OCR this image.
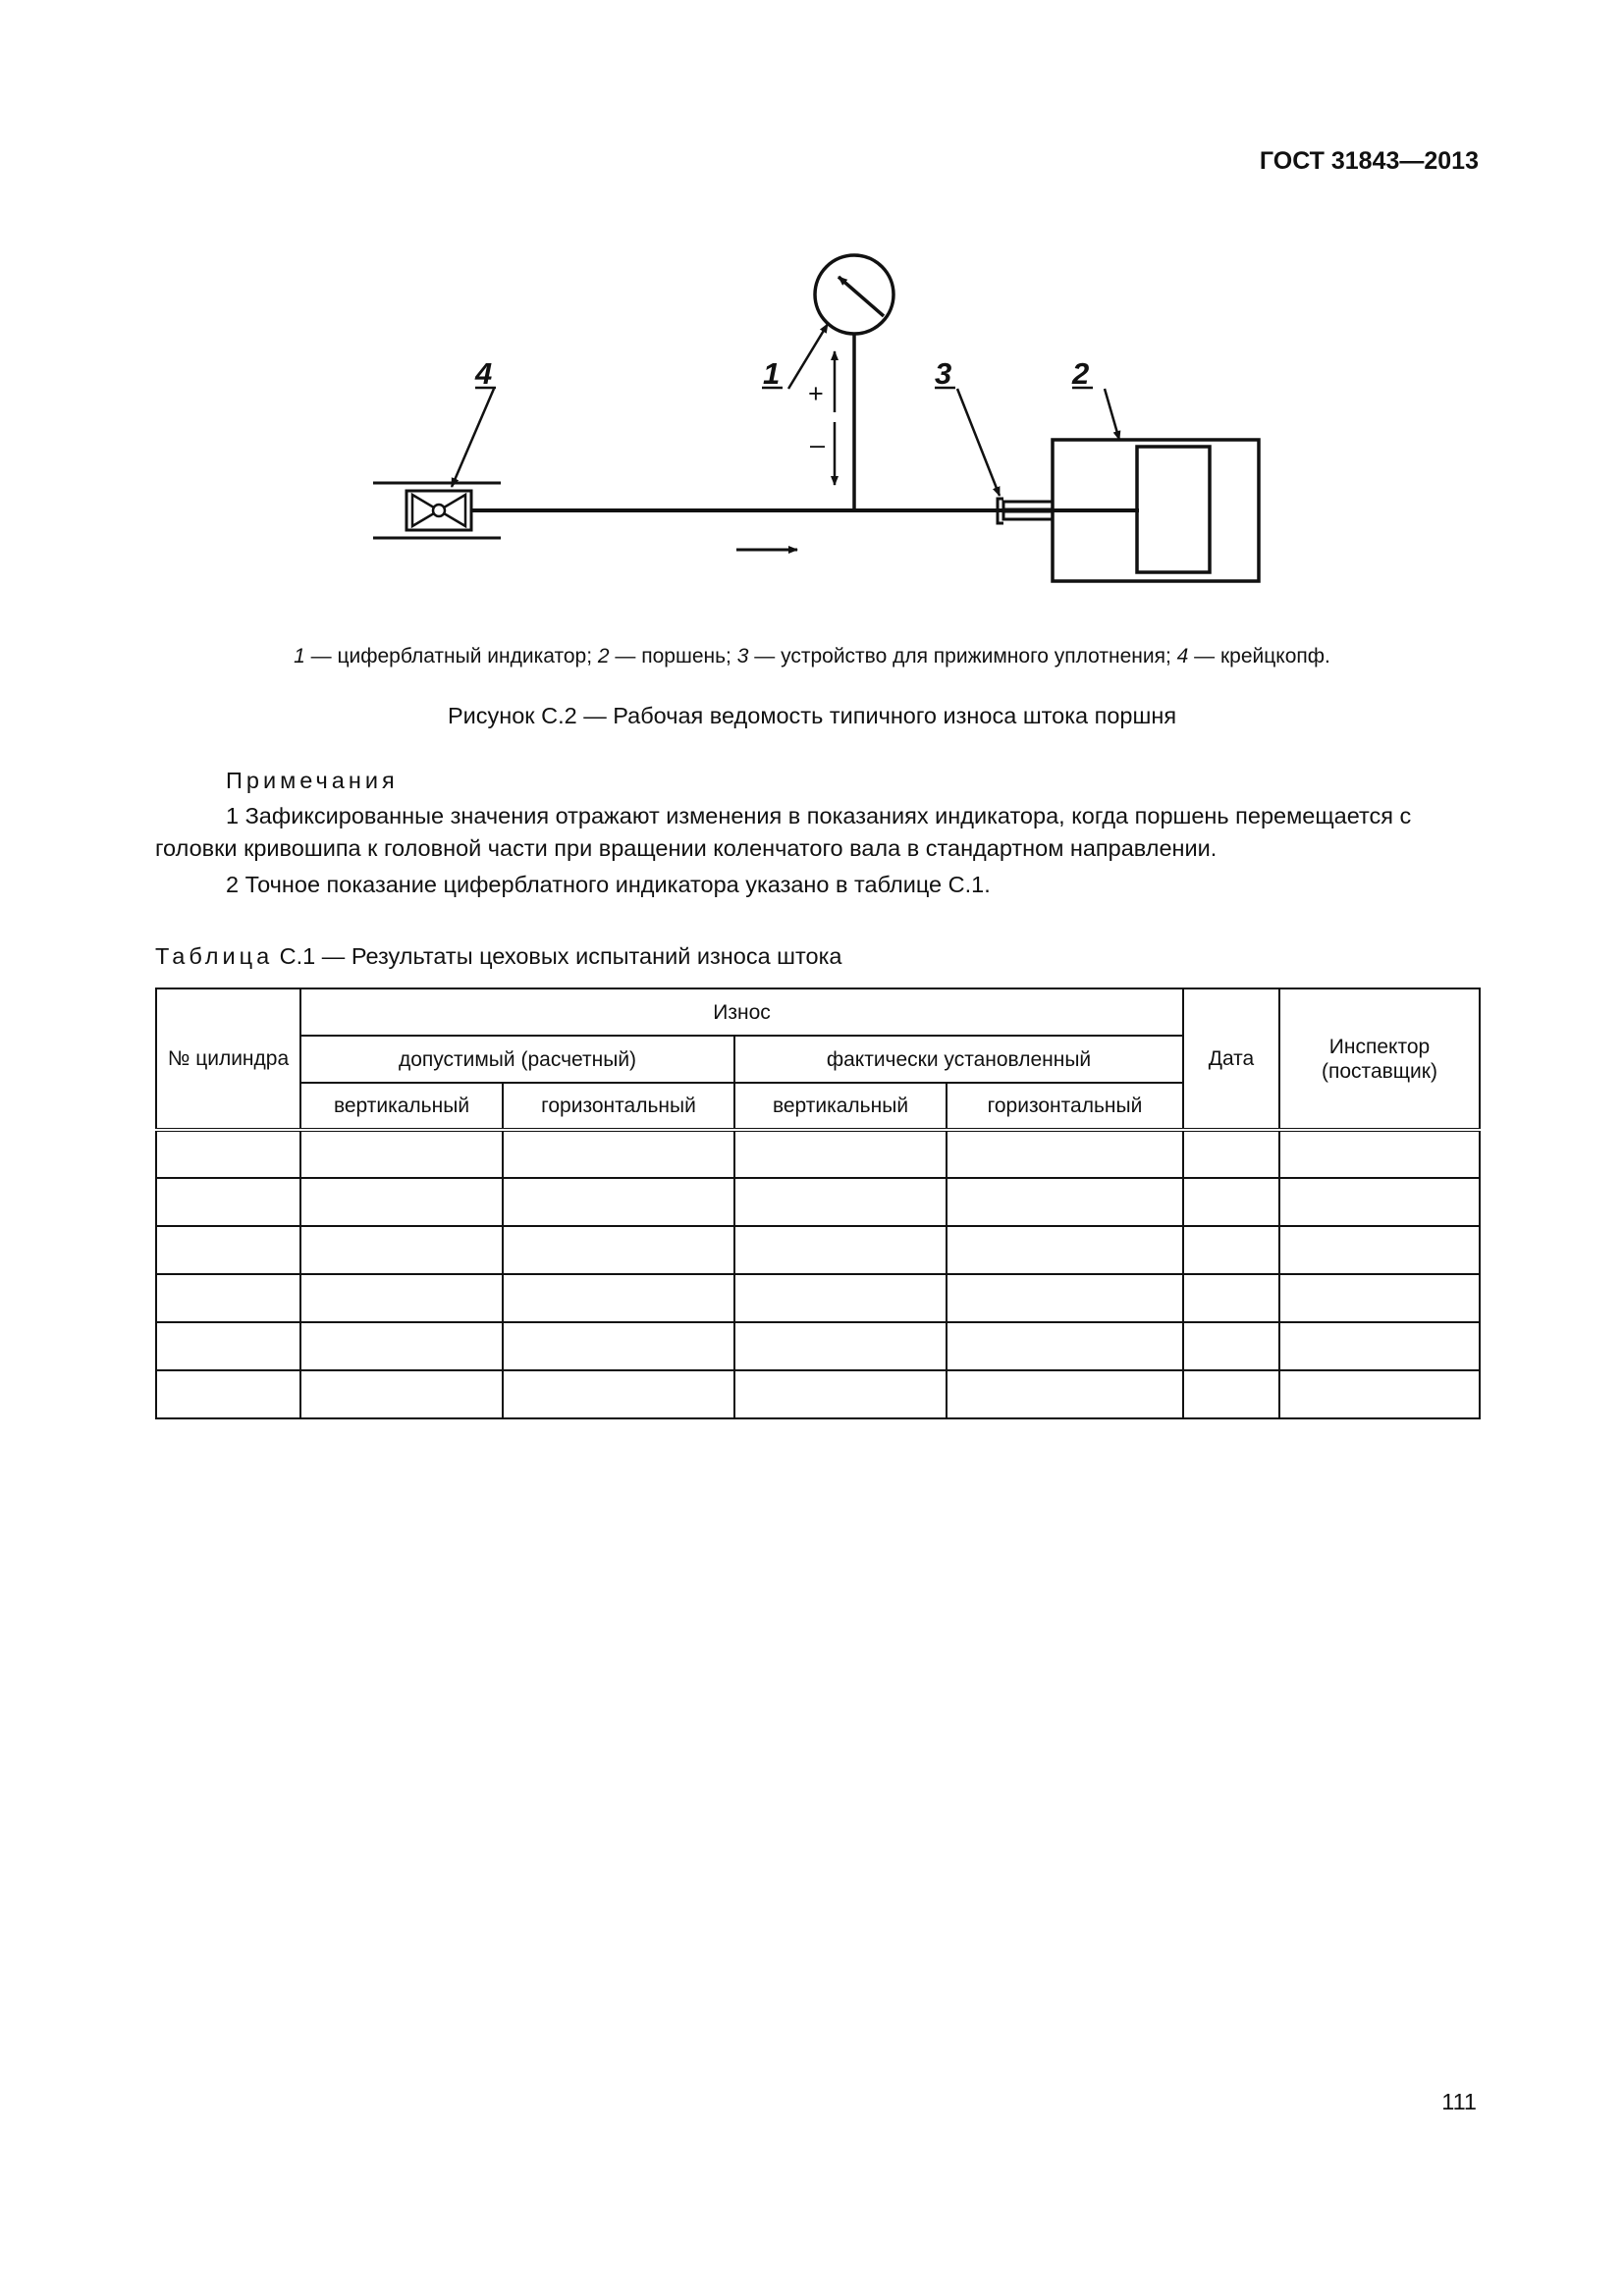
ГОСТ 31843—2013
4	1	3	2
+
–
1 — циферблатный индикатор; 2 — поршень; 3 — устройство для прижимного уплотнения; 4 — крейцкопф.
Рисунок С.2 — Рабочая ведомость типичного износа штока поршня
Примечания
1 Зафиксированные значения отражают изменения в показаниях индикатора, когда поршень перемещается с головки кривошипа к головной части при вращении коленчатого вала в стандартном направлении.
2 Точное показание циферблатного индикатора указано в таблице С.1.
Таблица С.1 — Результаты цеховых испытаний износа штока
№ цилиндра	Износ				Дата	Инспектор (поставщик)
	допустимый (расчетный)		фактически установленный			
	вертикальный	горизонтальный	вертикальный	горизонтальный		

111
